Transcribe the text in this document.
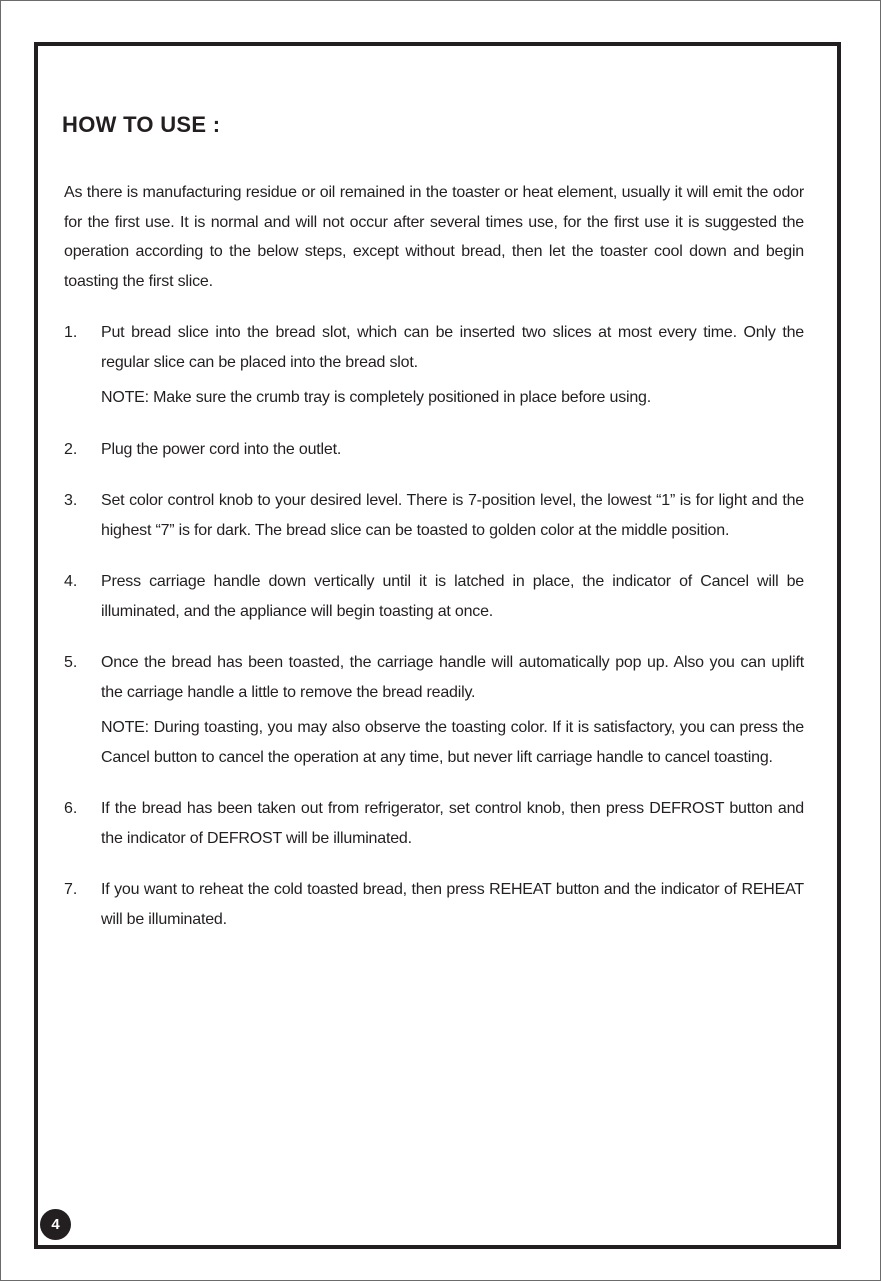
HOW TO USE :

As there is manufacturing residue or oil remained in the toaster or heat element, usually it will emit the odor for the first use. It is normal and will not occur after several times use, for the first use it is suggested the operation according to the below steps, except without bread, then let the toaster cool down and begin toasting the first slice.

1. Put bread slice into the bread slot, which can be inserted two slices at most every time. Only the regular slice can be placed into the bread slot.

NOTE: Make sure the crumb tray is completely positioned in place before using.

2. Plug the power cord into the outlet.

3. Set color control knob to your desired level. There is 7-position level, the lowest “1” is for light and the highest “7” is for dark. The bread slice can be toasted to golden color at the middle position.

4. Press carriage handle down vertically until it is latched in place, the indicator of Cancel will be illuminated, and the appliance will begin toasting at once.

5. Once the bread has been toasted, the carriage handle will automatically pop up. Also you can uplift the carriage handle a little to remove the bread readily.

NOTE: During toasting, you may also observe the toasting color. If it is satisfactory, you can press the Cancel button to cancel the operation at any time, but never lift carriage handle to cancel toasting.

6. If the bread has been taken out from refrigerator, set control knob, then press DEFROST button and the indicator of DEFROST will be illuminated.

7. If you want to reheat the cold toasted bread, then press REHEAT button and the indicator of REHEAT will be illuminated.

4
